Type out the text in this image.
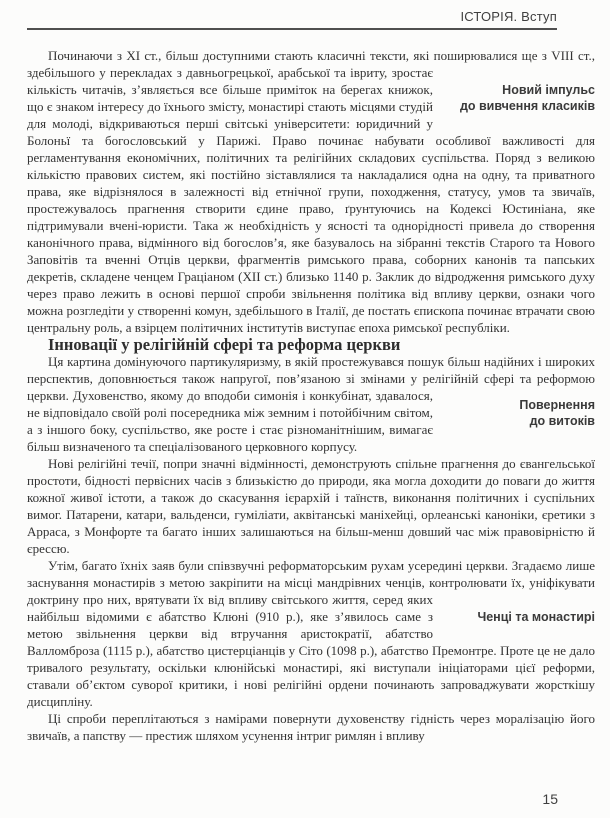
ІСТОРІЯ. Вступ

Починаючи з XI ст., більш доступними стають класичні тексти, які поширювалися ще з VIII ст., здебільшого у перекладах з давньогрецької, арабської та івриту, зростає
Новий імпульс
до вивчення класиків
кількість читачів, з’являється все більше приміток на берегах книжок, що є знаком інтересу до їхнього змісту, монастирі стають місцями студій для молоді, відкриваються перші світські університети: юридичний у Болоньї та богословський у Парижі. Право починає набувати особливої важливості для регламентування економічних, політичних та релігійних складових суспільства. Поряд з великою кількістю правових систем, які постійно зіставлялися та накладалися одна на одну, та приватного права, яке відрізнялося в залежності від етнічної групи, походження, статусу, умов та звичаїв, простежувалось прагнення створити єдине право, ґрунтуючись на Кодексі Юстиніана, яке підтримували вчені-юристи. Така ж необхідність у ясності та однорідності привела до створення канонічного права, відмінного від богослов’я, яке базувалось на зібранні текстів Старого та Нового Заповітів та вченні Отців церкви, фрагментів римського права, соборних канонів та папських декретів, складене ченцем Граціаном (XII ст.) близько 1140 р. Заклик до відродження римського духу через право лежить в основі першої спроби звільнення політика від впливу церкви, ознаки чого можна розгледіти у створенні комун, здебільшого в Італії, де постать єпископа починає втрачати свою центральну роль, а взірцем політичних інститутів виступає епоха римської республіки.

Інновації у релігійній сфері та реформа церкви

Ця картина домінуючого партикуляризму, в якій простежувався пошук більш надійних і широких перспектив, доповнюється також напругої, пов’язаною зі змінами у релігійній сфері та реформою церкви. Духовенство, якому до вподоби симонія і конкубінат,
Повернення
до витоків
здавалося, не відповідало своїй ролі посередника між земним і потойбічним світом, а з іншого боку, суспільство, яке росте і стає різноманітнішим, вимагає більш визначеного та спеціалізованого церковного корпусу.

Нові релігійні течії, попри значні відмінності, демонструють спільне прагнення до євангельської простоти, бідності первісних часів з близькістю до природи, яка могла доходити до поваги до життя кожної живої істоти, а також до скасування ієрархій і таїнств, виконання політичних і суспільних вимог. Патарени, катари, вальденси, гуміліати, аквітанські маніхейці, орлеанські каноніки, єретики з Арраса, з Монфорте та багато інших залишаються на більш-менш довший час між правовірністю й єрессю.

Утім, багато їхніх заяв були співзвучні реформаторським рухам усередині церкви. Згадаємо лише заснування монастирів з метою закріпити на місці мандрівних ченців, контролювати їх, уніфікувати доктрину про них, врятувати їх від впливу світського
Ченці та монастирі
життя, серед яких найбільш відомими є абатство Клюні (910 р.), яке з’явилось саме з метою звільнення церкви від втручання аристократії, абатство Валломброза (1115 р.), абатство цистерціанців у Сіто (1098 р.), абатство Премонтре. Проте це не дало тривалого результату, оскільки клюнійські монастирі, які виступали ініціаторами цієї реформи, ставали об’єктом суворої критики, і нові релігійні ордени починають запроваджувати жорсткішу дисципліну.

Ці спроби переплітаються з намірами повернути духовенству гідність через моралізацію його звичаїв, а папству — престиж шляхом усунення інтриг римлян і впливу

15
